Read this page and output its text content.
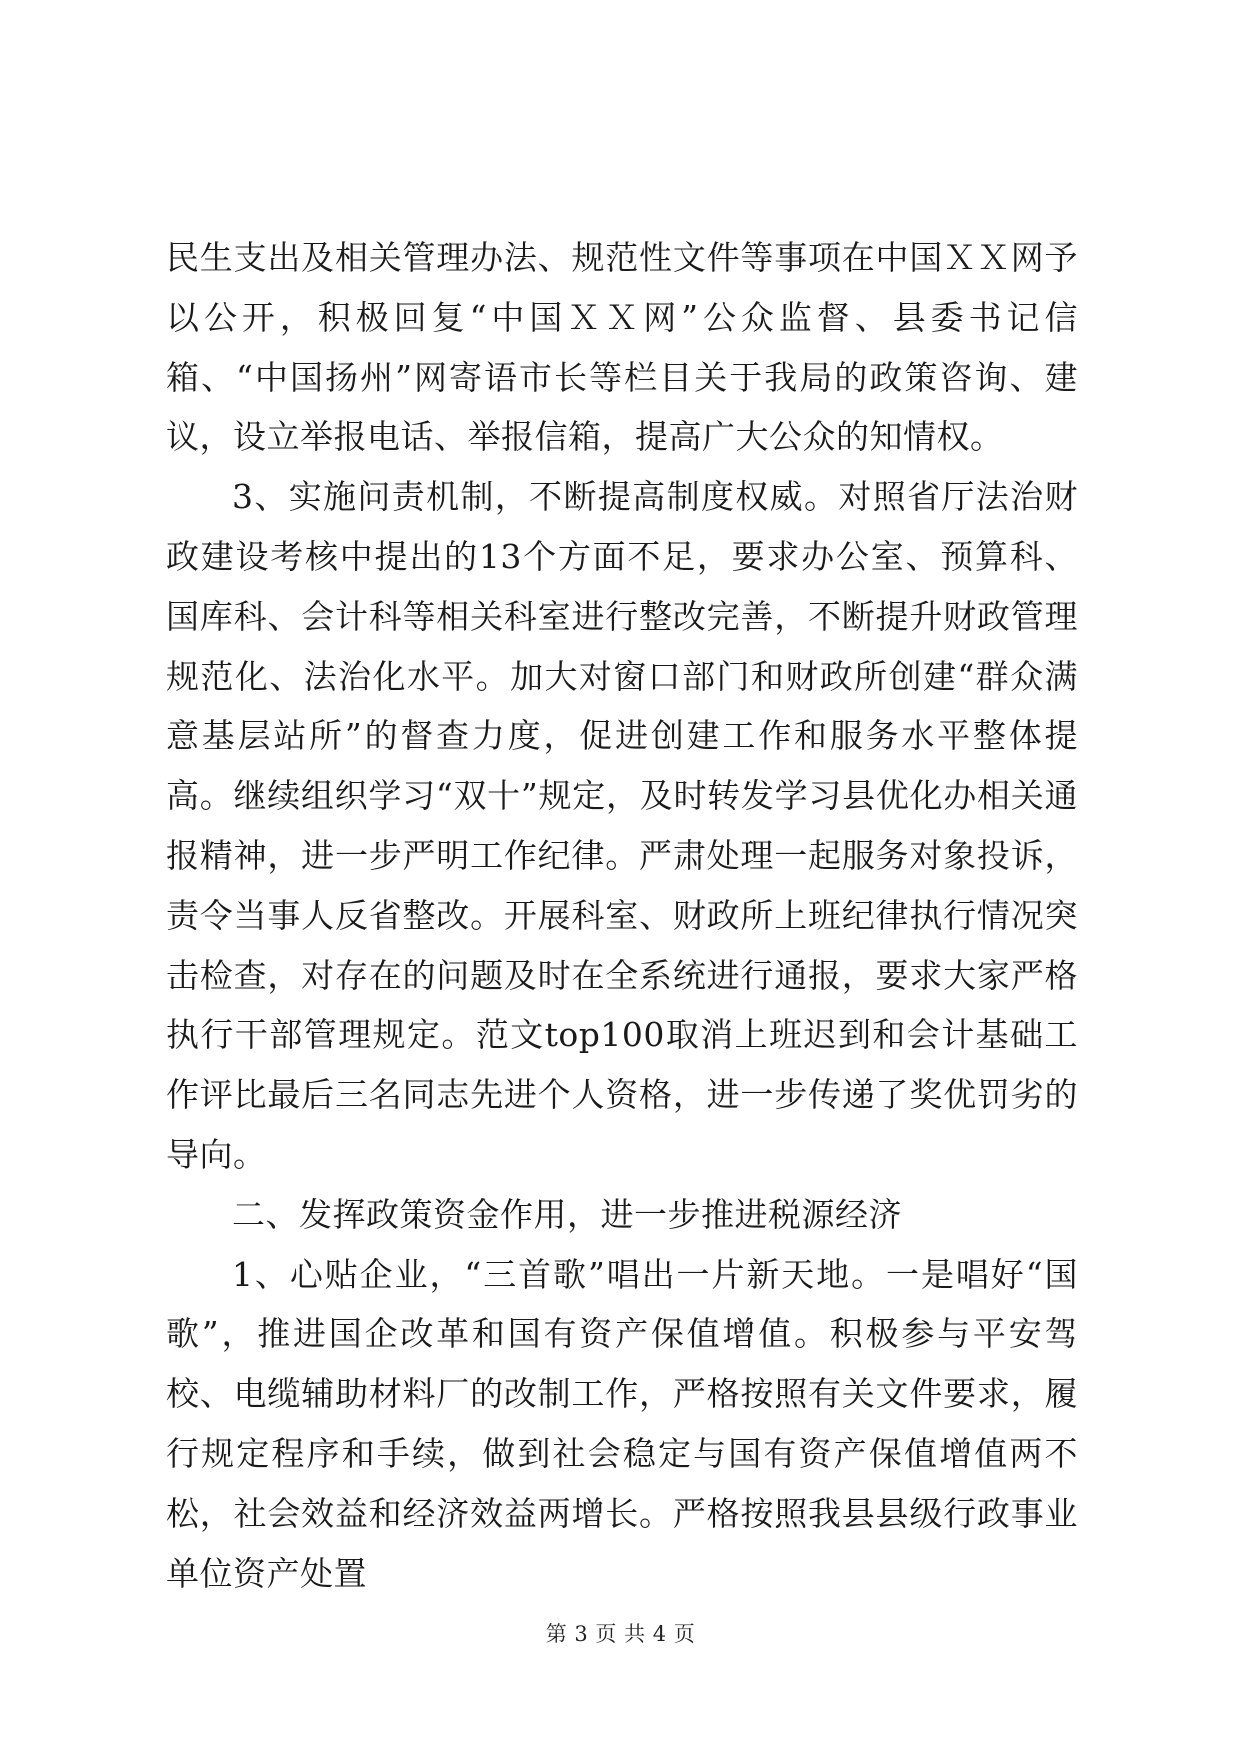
民生支出及相关管理办法、规范性文件等事项在中国ＸＸ网予以公开，积极回复“中国ＸＸ网”公众监督、县委书记信箱、“中国扬州”网寄语市长等栏目关于我局的政策咨询、建议，设立举报电话、举报信箱，提高广大公众的知情权。

3、实施问责机制，不断提高制度权威。对照省厅法治财政建设考核中提出的13个方面不足，要求办公室、预算科、国库科、会计科等相关科室进行整改完善，不断提升财政管理规范化、法治化水平。加大对窗口部门和财政所创建“群众满意基层站所”的督查力度，促进创建工作和服务水平整体提高。继续组织学习“双十”规定，及时转发学习县优化办相关通报精神，进一步严明工作纪律。严肃处理一起服务对象投诉，责令当事人反省整改。开展科室、财政所上班纪律执行情况突击检查，对存在的问题及时在全系统进行通报，要求大家严格执行干部管理规定。范文top100取消上班迟到和会计基础工作评比最后三名同志先进个人资格，进一步传递了奖优罚劣的导向。

二、发挥政策资金作用，进一步推进税源经济

1、心贴企业，“三首歌”唱出一片新天地。一是唱好“国歌”，推进国企改革和国有资产保值增值。积极参与平安驾校、电缆辅助材料厂的改制工作，严格按照有关文件要求，履行规定程序和手续，做到社会稳定与国有资产保值增值两不松，社会效益和经济效益两增长。严格按照我县县级行政事业单位资产处置

第 3 页 共 4 页
